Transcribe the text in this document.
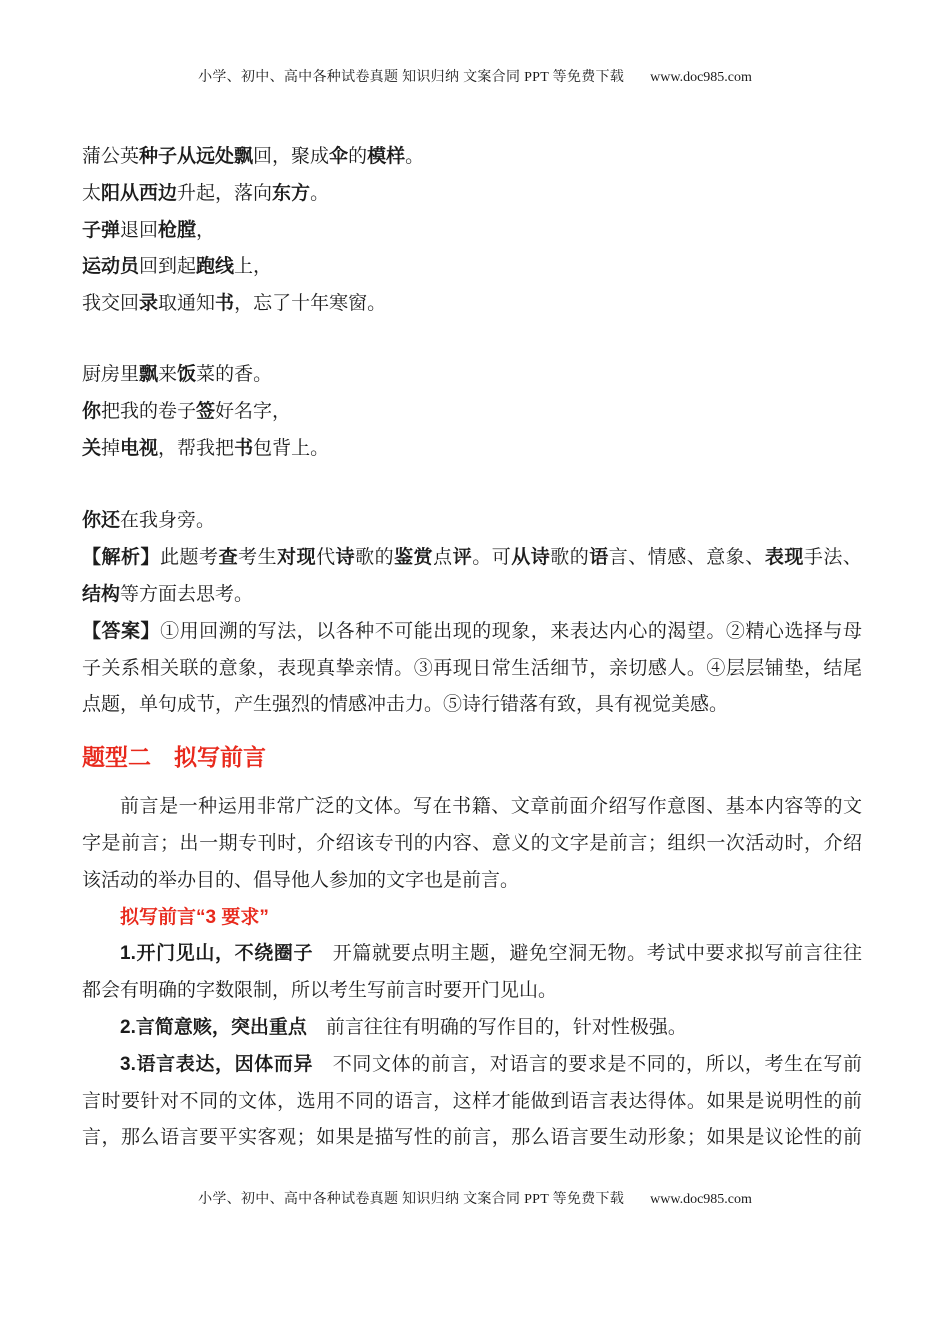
小学、初中、高中各种试卷真题 知识归纳 文案合同 PPT 等免费下载 www.doc985.com
蒲公英种子从远处飘回，聚成伞的模样。
太阳从西边升起，落向东方。
子弹退回枪膛，
运动员回到起跑线上，
我交回录取通知书，忘了十年寒窗。
厨房里飘来饭菜的香。
你把我的卷子签好名字，
关掉电视，帮我把书包背上。
你还在我身旁。
【解析】此题考查考生对现代诗歌的鉴赏点评。可从诗歌的语言、情感、意象、表现手法、
结构等方面去思考。
【答案】①用回溯的写法，以各种不可能出现的现象，来表达内心的渴望。②精心选择与母
子关系相关联的意象，表现真挚亲情。③再现日常生活细节，亲切感人。④层层铺垫，结尾
点题，单句成节，产生强烈的情感冲击力。⑤诗行错落有致，具有视觉美感。
题型二　拟写前言
前言是一种运用非常广泛的文体。写在书籍、文章前面介绍写作意图、基本内容等的文
字是前言；出一期专刊时，介绍该专刊的内容、意义的文字是前言；组织一次活动时，介绍
该活动的举办目的、倡导他人参加的文字也是前言。
拟写前言“3 要求”
1.开门见山，不绕圈子　开篇就要点明主题，避免空洞无物。考试中要求拟写前言往往
都会有明确的字数限制，所以考生写前言时要开门见山。
2.言简意赅，突出重点　前言往往有明确的写作目的，针对性极强。
3.语言表达，因体而异　不同文体的前言，对语言的要求是不同的，所以，考生在写前
言时要针对不同的文体，选用不同的语言，这样才能做到语言表达得体。如果是说明性的前
言，那么语言要平实客观；如果是描写性的前言，那么语言要生动形象；如果是议论性的前
小学、初中、高中各种试卷真题 知识归纳 文案合同 PPT 等免费下载 www.doc985.com
